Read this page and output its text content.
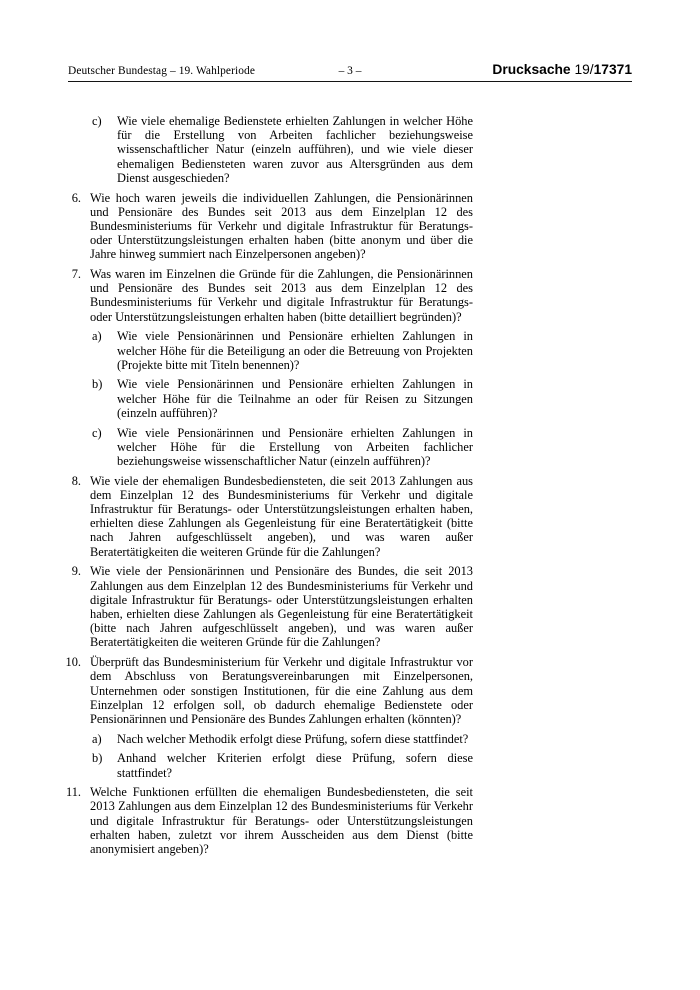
Deutscher Bundestag – 19. Wahlperiode	– 3 –	Drucksache 19/17371
c)	Wie viele ehemalige Bedienstete erhielten Zahlungen in welcher Höhe für die Erstellung von Arbeiten fachlicher beziehungsweise wissenschaftlicher Natur (einzeln aufführen), und wie viele dieser ehemaligen Bediensteten waren zuvor aus Altersgründen aus dem Dienst ausgeschieden?

6. Wie hoch waren jeweils die individuellen Zahlungen, die Pensionärinnen und Pensionäre des Bundes seit 2013 aus dem Einzelplan 12 des Bundesministeriums für Verkehr und digitale Infrastruktur für Beratungs- oder Unterstützungsleistungen erhalten haben (bitte anonym und über die Jahre hinweg summiert nach Einzelpersonen angeben)?

7. Was waren im Einzelnen die Gründe für die Zahlungen, die Pensionärinnen und Pensionäre des Bundes seit 2013 aus dem Einzelplan 12 des Bundesministeriums für Verkehr und digitale Infrastruktur für Beratungs- oder Unterstützungsleistungen erhalten haben (bitte detailliert begründen)?

a)	Wie viele Pensionärinnen und Pensionäre erhielten Zahlungen in welcher Höhe für die Beteiligung an oder die Betreuung von Projekten (Projekte bitte mit Titeln benennen)?

b)	Wie viele Pensionärinnen und Pensionäre erhielten Zahlungen in welcher Höhe für die Teilnahme an oder für Reisen zu Sitzungen (einzeln aufführen)?

c)	Wie viele Pensionärinnen und Pensionäre erhielten Zahlungen in welcher Höhe für die Erstellung von Arbeiten fachlicher beziehungsweise wissenschaftlicher Natur (einzeln aufführen)?

8. Wie viele der ehemaligen Bundesbediensteten, die seit 2013 Zahlungen aus dem Einzelplan 12 des Bundesministeriums für Verkehr und digitale Infrastruktur für Beratungs- oder Unterstützungsleistungen erhalten haben, erhielten diese Zahlungen als Gegenleistung für eine Beratertätigkeit (bitte nach Jahren aufgeschlüsselt angeben), und was waren außer Beratertätigkeiten die weiteren Gründe für die Zahlungen?

9. Wie viele der Pensionärinnen und Pensionäre des Bundes, die seit 2013 Zahlungen aus dem Einzelplan 12 des Bundesministeriums für Verkehr und digitale Infrastruktur für Beratungs- oder Unterstützungsleistungen erhalten haben, erhielten diese Zahlungen als Gegenleistung für eine Beratertätigkeit (bitte nach Jahren aufgeschlüsselt angeben), und was waren außer Beratertätigkeiten die weiteren Gründe für die Zahlungen?

10. Überprüft das Bundesministerium für Verkehr und digitale Infrastruktur vor dem Abschluss von Beratungsvereinbarungen mit Einzelpersonen, Unternehmen oder sonstigen Institutionen, für die eine Zahlung aus dem Einzelplan 12 erfolgen soll, ob dadurch ehemalige Bedienstete oder Pensionärinnen und Pensionäre des Bundes Zahlungen erhalten (könnten)?

a)	Nach welcher Methodik erfolgt diese Prüfung, sofern diese stattfindet?

b)	Anhand welcher Kriterien erfolgt diese Prüfung, sofern diese stattfindet?

11. Welche Funktionen erfüllten die ehemaligen Bundesbediensteten, die seit 2013 Zahlungen aus dem Einzelplan 12 des Bundesministeriums für Verkehr und digitale Infrastruktur für Beratungs- oder Unterstützungsleistungen erhalten haben, zuletzt vor ihrem Ausscheiden aus dem Dienst (bitte anonymisiert angeben)?
